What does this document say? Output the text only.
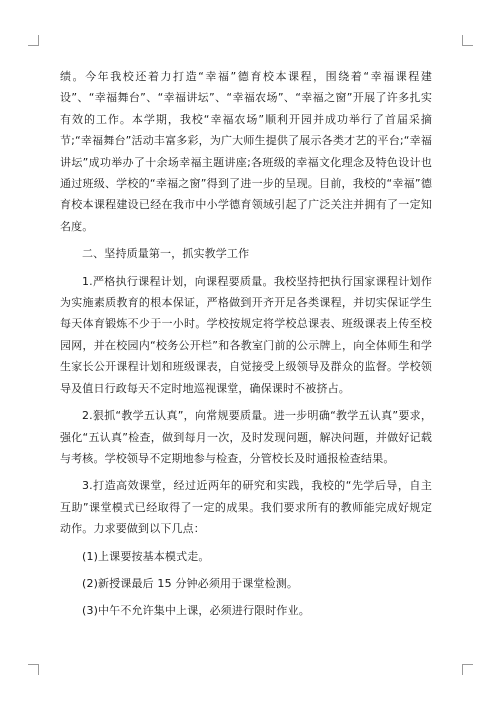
绩。今年我校还着力打造“幸福”德育校本课程，围绕着“幸福课程建设”、“幸福舞台”、“幸福讲坛”、“幸福农场”、“幸福之窗”开展了许多扎实有效的工作。本学期，我校“幸福农场”顺利开园并成功举行了首届采摘节;“幸福舞台”活动丰富多彩，为广大师生提供了展示各类才艺的平台;“幸福讲坛”成功举办了十余场幸福主题讲座;各班级的幸福文化理念及特色设计也通过班级、学校的“幸福之窗”得到了进一步的呈现。目前，我校的“幸福”德育校本课程建设已经在我市中小学德育领域引起了广泛关注并拥有了一定知名度。

二、坚持质量第一，抓实教学工作

1.严格执行课程计划，向课程要质量。我校坚持把执行国家课程计划作为实施素质教育的根本保证，严格做到开齐开足各类课程，并切实保证学生每天体育锻炼不少于一小时。学校按规定将学校总课表、班级课表上传至校园网，并在校园内“校务公开栏”和各教室门前的公示牌上，向全体师生和学生家长公开课程计划和班级课表，自觉接受上级领导及群众的监督。学校领导及值日行政每天不定时地巡视课堂，确保课时不被挤占。

2.狠抓“教学五认真”，向常规要质量。进一步明确“教学五认真”要求，强化“五认真”检查，做到每月一次，及时发现问题，解决问题，并做好记载与考核。学校领导不定期地参与检查，分管校长及时通报检查结果。

3.打造高效课堂，经过近两年的研究和实践，我校的“先学后导，自主互助”课堂模式已经取得了一定的成果。我们要求所有的教师能完成好规定动作。力求要做到以下几点：

(1)上课要按基本模式走。

(2)新授课最后 15 分钟必须用于课堂检测。

(3)中午不允许集中上课，必须进行限时作业。
